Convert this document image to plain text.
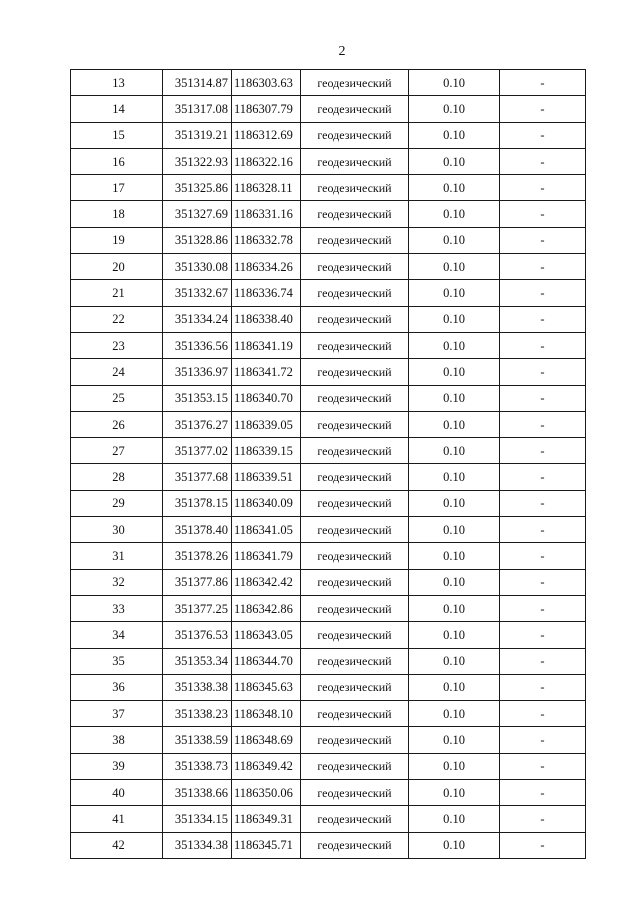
2
13	351314.87	1186303.63	геодезический	0.10	-
14	351317.08	1186307.79	геодезический	0.10	-
15	351319.21	1186312.69	геодезический	0.10	-
16	351322.93	1186322.16	геодезический	0.10	-
17	351325.86	1186328.11	геодезический	0.10	-
18	351327.69	1186331.16	геодезический	0.10	-
19	351328.86	1186332.78	геодезический	0.10	-
20	351330.08	1186334.26	геодезический	0.10	-
21	351332.67	1186336.74	геодезический	0.10	-
22	351334.24	1186338.40	геодезический	0.10	-
23	351336.56	1186341.19	геодезический	0.10	-
24	351336.97	1186341.72	геодезический	0.10	-
25	351353.15	1186340.70	геодезический	0.10	-
26	351376.27	1186339.05	геодезический	0.10	-
27	351377.02	1186339.15	геодезический	0.10	-
28	351377.68	1186339.51	геодезический	0.10	-
29	351378.15	1186340.09	геодезический	0.10	-
30	351378.40	1186341.05	геодезический	0.10	-
31	351378.26	1186341.79	геодезический	0.10	-
32	351377.86	1186342.42	геодезический	0.10	-
33	351377.25	1186342.86	геодезический	0.10	-
34	351376.53	1186343.05	геодезический	0.10	-
35	351353.34	1186344.70	геодезический	0.10	-
36	351338.38	1186345.63	геодезический	0.10	-
37	351338.23	1186348.10	геодезический	0.10	-
38	351338.59	1186348.69	геодезический	0.10	-
39	351338.73	1186349.42	геодезический	0.10	-
40	351338.66	1186350.06	геодезический	0.10	-
41	351334.15	1186349.31	геодезический	0.10	-
42	351334.38	1186345.71	геодезический	0.10	-
